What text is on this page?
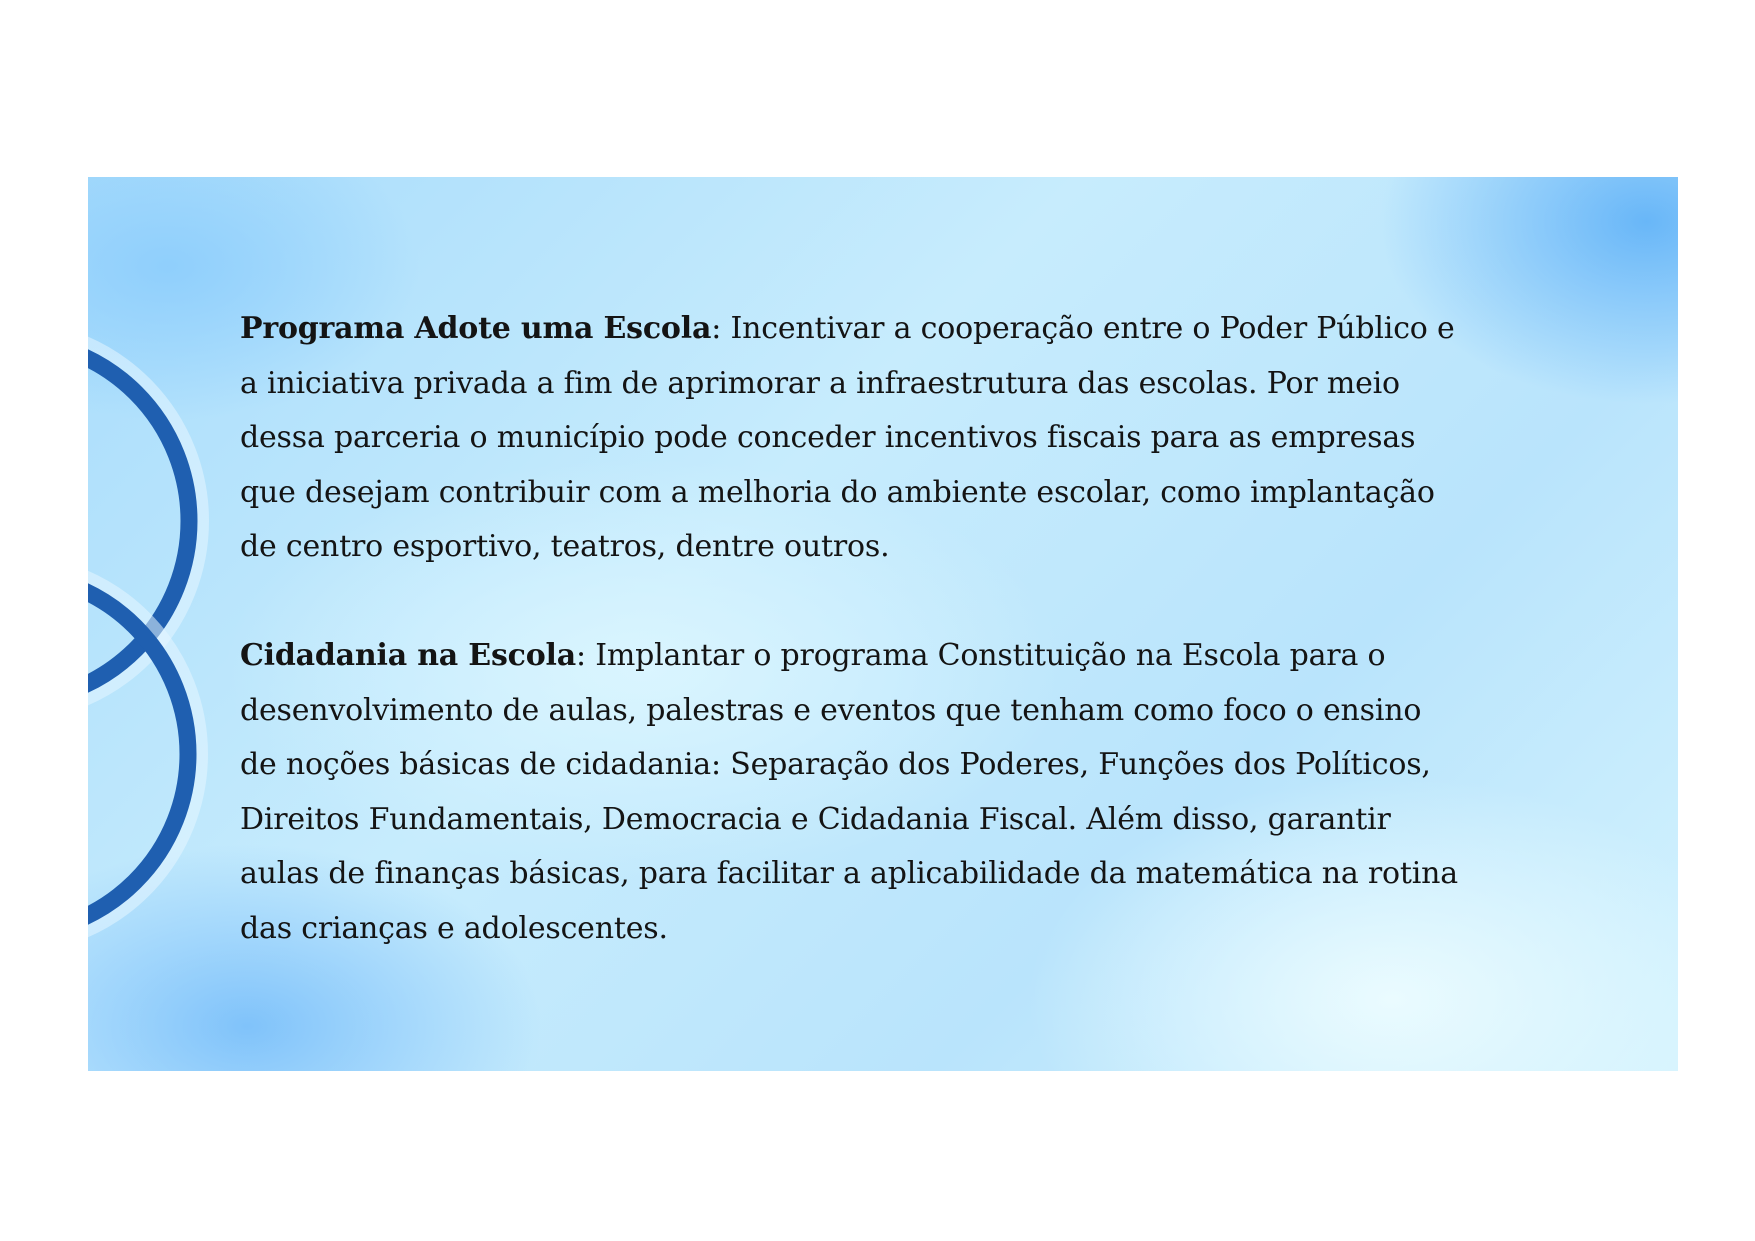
Programa Adote uma Escola: Incentivar a cooperação entre o Poder Público e a iniciativa privada a fim de aprimorar a infraestrutura das escolas. Por meio dessa parceria o município pode conceder incentivos fiscais para as empresas que desejam contribuir com a melhoria do ambiente escolar, como implantação de centro esportivo, teatros, dentre outros.

Cidadania na Escola: Implantar o programa Constituição na Escola para o desenvolvimento de aulas, palestras e eventos que tenham como foco o ensino de noções básicas de cidadania: Separação dos Poderes, Funções dos Políticos, Direitos Fundamentais, Democracia e Cidadania Fiscal. Além disso, garantir aulas de finanças básicas, para facilitar a aplicabilidade da matemática na rotina das crianças e adolescentes.
